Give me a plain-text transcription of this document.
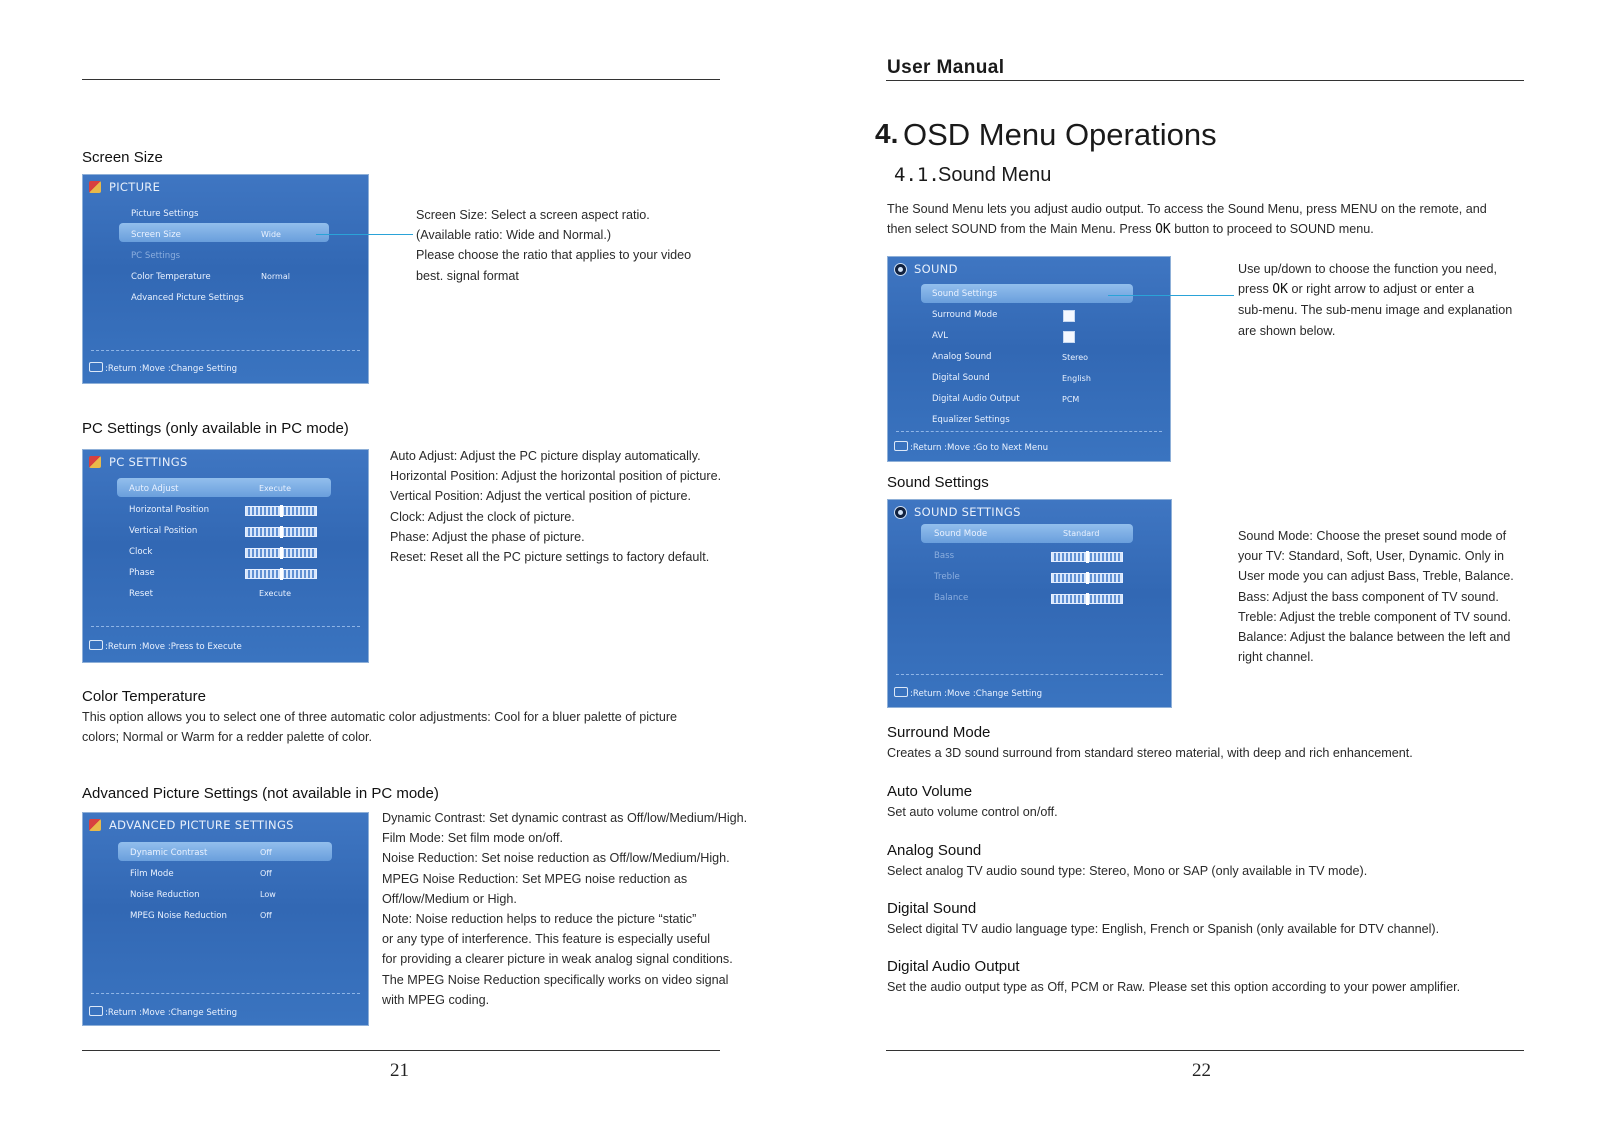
Screen Size
PICTURE
Picture Settings
Screen Size	Wide
PC Settings
Color Temperature	Normal
Advanced Picture Settings
:Return :Move :Change Setting
Screen Size: Select a screen aspect ratio.
(Available ratio: Wide and Normal.)
Please choose the ratio that applies to your video
best. signal format
PC Settings (only available in PC mode)
PC SETTINGS
Auto Adjust	Execute
Horizontal Position
Vertical Position
Clock
Phase
Reset	Execute
:Return :Move :Press to Execute
Auto Adjust: Adjust the PC picture display automatically.
Horizontal Position: Adjust the horizontal position of picture.
Vertical Position: Adjust the vertical position of picture.
Clock: Adjust the clock of picture.
Phase: Adjust the phase of picture.
Reset: Reset all the PC picture settings to factory default.
Color Temperature
This option allows you to select one of three automatic color adjustments: Cool for a bluer palette of picture
colors; Normal or Warm for a redder palette of color.
Advanced Picture Settings (not available in PC mode)
ADVANCED PICTURE SETTINGS
Dynamic Contrast	Off
Film Mode	Off
Noise Reduction	Low
MPEG Noise Reduction	Off
:Return :Move :Change Setting
Dynamic Contrast: Set dynamic contrast as Off/low/Medium/High.
Film Mode: Set film mode on/off.
Noise Reduction: Set noise reduction as Off/low/Medium/High.
MPEG Noise Reduction: Set MPEG noise reduction as
Off/low/Medium or High.
Note: Noise reduction helps to reduce the picture “static”
or any type of interference. This feature is especially useful
for providing a clearer picture in weak analog signal conditions.
The MPEG Noise Reduction specifically works on video signal
with MPEG coding.
21
User Manual
4. OSD Menu Operations
4.1.
Sound Menu
The Sound Menu lets you adjust audio output. To access the Sound Menu, press MENU on the remote, and
then select SOUND from the Main Menu. Press OK button to proceed to SOUND menu.
SOUND
Sound Settings
Surround Mode
AVL
Analog Sound	Stereo
Digital Sound	English
Digital Audio Output	PCM
Equalizer Settings
:Return :Move :Go to Next Menu
Use up/down to choose the function you need,
press OK or right arrow to adjust or enter a
sub-menu. The sub-menu image and explanation
are shown below.
Sound Settings
SOUND SETTINGS
Sound Mode	Standard
Bass
Treble
Balance
:Return :Move :Change Setting
Sound Mode: Choose the preset sound mode of
your TV: Standard, Soft, User, Dynamic. Only in
User mode you can adjust Bass, Treble, Balance.
Bass: Adjust the bass component of TV sound.
Treble: Adjust the treble component of TV sound.
Balance: Adjust the balance between the left and
right channel.
Surround Mode
Creates a 3D sound surround from standard stereo material, with deep and rich enhancement.
Auto Volume
Set auto volume control on/off.
Analog Sound
Select analog TV audio sound type: Stereo, Mono or SAP (only available in TV mode).
Digital Sound
Select digital TV audio language type: English, French or Spanish (only available for DTV channel).
Digital Audio Output
Set the audio output type as Off, PCM or Raw. Please set this option according to your power amplifier.
22
